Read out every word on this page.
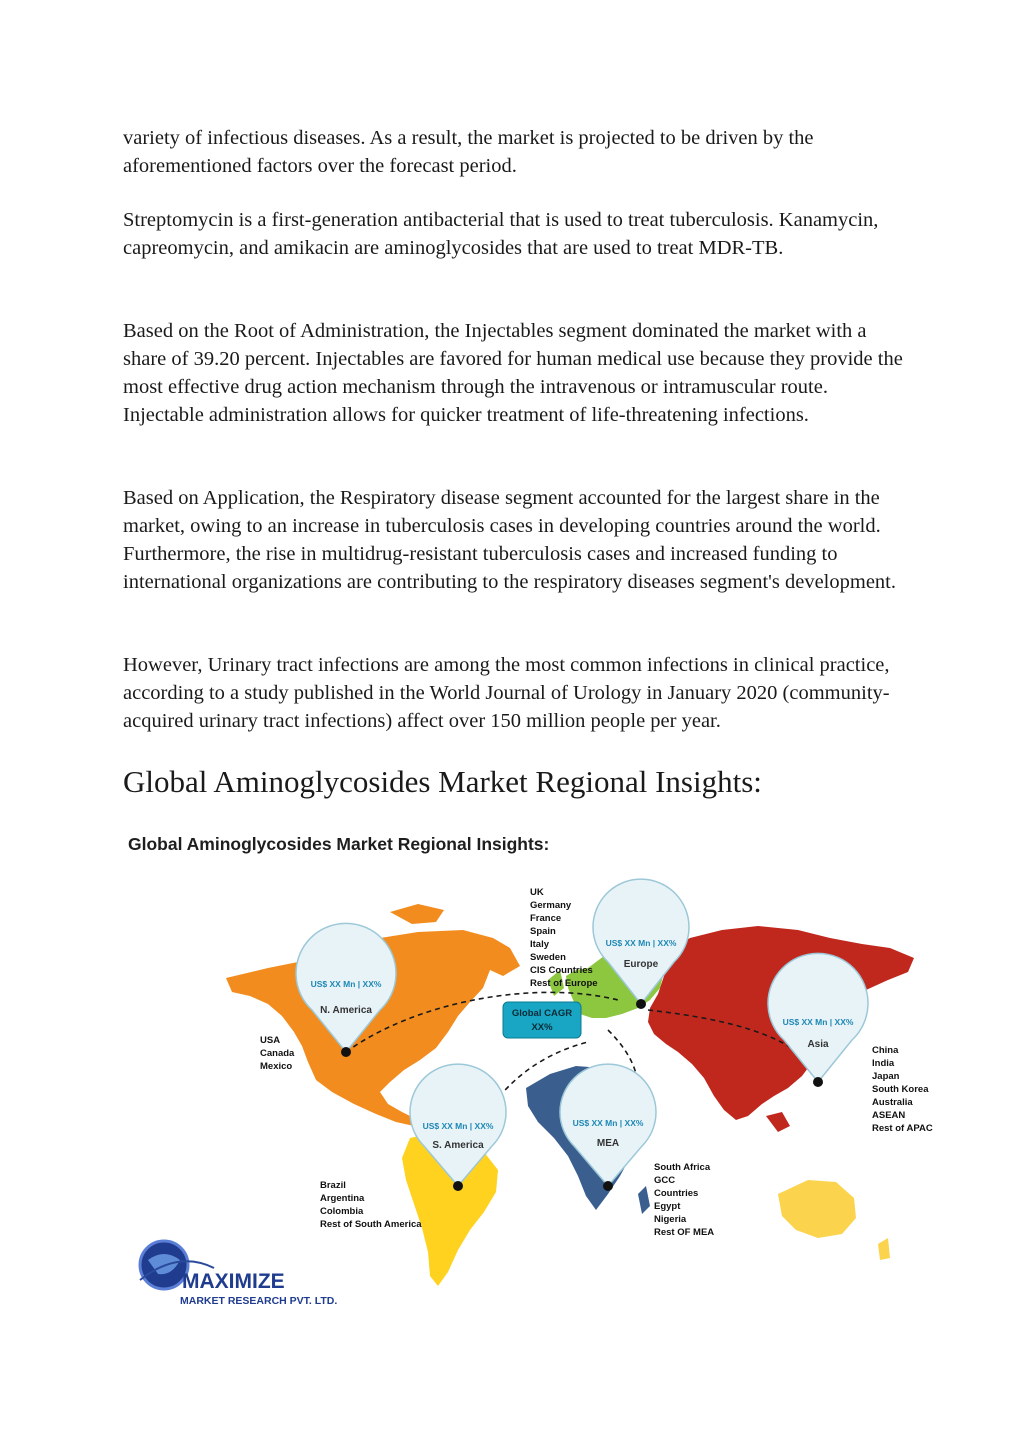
variety of infectious diseases. As a result, the market is projected to be driven by the aforementioned factors over the forecast period.

Streptomycin is a first-generation antibacterial that is used to treat tuberculosis. Kanamycin, capreomycin, and amikacin are aminoglycosides that are used to treat MDR-TB.

Based on the Root of Administration, the Injectables segment dominated the market with a share of 39.20 percent. Injectables are favored for human medical use because they provide the most effective drug action mechanism through the intravenous or intramuscular route. Injectable administration allows for quicker treatment of life-threatening infections.

Based on Application, the Respiratory disease segment accounted for the largest share in the market, owing to an increase in tuberculosis cases in developing countries around the world. Furthermore, the rise in multidrug-resistant tuberculosis cases and increased funding to international organizations are contributing to the respiratory diseases segment's development.

However, Urinary tract infections are among the most common infections in clinical practice, according to a study published in the World Journal of Urology in January 2020 (community-acquired urinary tract infections) affect over 150 million people per year.

Global Aminoglycosides Market Regional Insights:
Global Aminoglycosides Market Regional Insights:
US$ XX Mn | XX%
N. America
US$ XX Mn | XX%
Europe
US$ XX Mn | XX%
Asia
US$ XX Mn | XX%
S. America
US$ XX Mn | XX%
MEA
Global CAGR
XX%
USA
Canada
Mexico
UK
Germany
France
Spain
Italy
Sweden
CIS Countries
Rest of Europe
China
India
Japan
South Korea
Australia
ASEAN
Rest of APAC
Brazil
Argentina
Colombia
Rest of South America
South Africa
GCC
Countries
Egypt
Nigeria
Rest OF MEA
MAXIMIZE
MARKET RESEARCH PVT. LTD.
